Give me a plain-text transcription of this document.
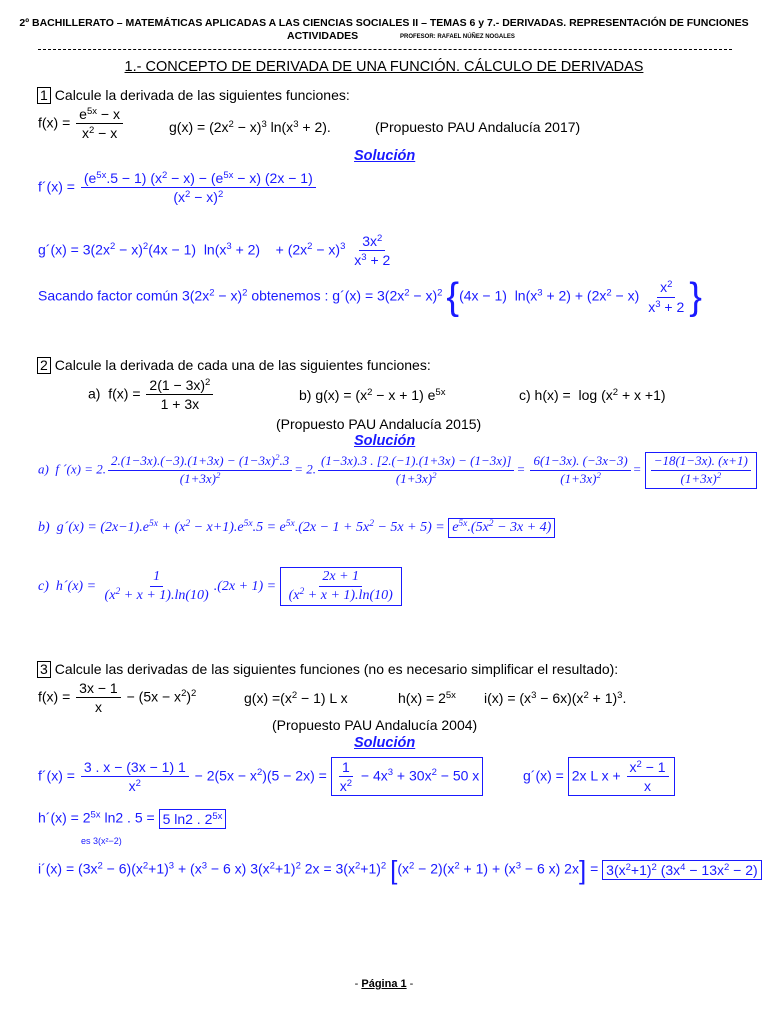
2º BACHILLERATO – MATEMÁTICAS APLICADAS A LAS CIENCIAS SOCIALES II – TEMAS 6 y 7.- DERIVADAS. REPRESENTACIÓN DE FUNCIONES
ACTIVIDADES	PROFESOR: RAFAEL NÚÑEZ NOGALES
1.- CONCEPTO DE DERIVADA DE UNA FUNCIÓN. CÁLCULO DE DERIVADAS
1 Calcule la derivada de las siguientes funciones:
$f(x) = \frac{e^{5x} - x}{x^2 - x}$	$g(x) = (2x^2 - x)^3$ $\ln(x^3 + 2)$.	(Propuesto PAU Andalucía 2017)
Solución
f´(x) = $\frac{(e^{5x}.5 - 1) (x^2 - x) - (e^{5x} - x) (2x - 1)}{(x^2 - x)^2}$
g´(x) = $3(2x^2 - x)^2(4x - 1) \ln(x^3 + 2)$    + $(2x^2 - x)^3 \frac{3x^2}{x^3 + 2}$
Sacando factor común $3(2x^2 - x)^2$ obtenemos : g´(x) = $3(2x^2 - x)^2$ {(4x − 1)  $\ln(x^3 + 2) + (2x^2 - x) \frac{x^2}{x^3 + 2}$ }
2 Calcule la derivada de cada una de las siguientes funciones:
a)  $f(x) = \frac{2(1 - 3x)^2}{1 + 3x}$	b) $g(x) = (x^2 - x + 1)$ $e^{5x}$	c) $h(x) = \log (x^2 + x +1)$
(Propuesto PAU Andalucía 2015)
Solución
a)  f ´(x) = 2. $\frac{2.(1-3x).(-3).(1+3x) - (1-3x)^2.3}{(1+3x)^2} = 2$. $\frac{(1-3x).3 . [2.(-1).(1+3x) - (1-3x)]}{(1+3x)^2} = \frac{6(1-3x). (-3x-3)}{(1+3x)^2} = \frac{-18(1-3x). (x+1)}{(1+3x)^2}$
b)  g´(x) = $(2x-1).e^{5x} + (x^2 - x+1).e^{5x}.5 = e^{5x}.(2x - 1 + 5x^2 - 5x + 5) = e^{5x}.(5x^2 - 3x + 4)$
c)  h´(x) = $\frac{1}{(x^2 + x + 1).\ln(10)} .(2x + 1) = \frac{2x + 1}{(x^2 + x + 1).\ln(10)}$
3 Calcule las derivadas de las siguientes funciones (no es necesario simplificar el resultado):
$f(x) = \frac{3x - 1}{x} - (5x - x^2)^2$	$g(x) =(x^2 - 1)$ L x	$h(x) = 2^{5x}$ $i(x) = (x^3 - 6x)(x^2 + 1)^3$.
(Propuesto PAU Andalucía 2004)
Solución
f´(x) = $\frac{3 . x - (3x - 1) 1}{x^2} - 2(5x - x^2)(5 - 2x) = \frac{1}{x^2} - 4x^3 + 30x^2 - 50$ x	g´(x) = 2x L $x + \frac{x^2 - 1}{x}$
h´(x) = $2^{5x}$ ln2 . 5 = 5 ln2 . $2^{5x}$
es 3(x²−2)
i´(x) = $(3x^2 - 6)(x^2+1)^3 + (x^3 - 6$ x) $3(x^2+1)^2$ $2x = 3(x^2+1)^2$ [$(x^2 - 2)(x^2 + 1) + (x^3 - 6$ x) $2x] = 3(x^2+1)^2$ $(3x^4 - 13x^2 - 2)$
- Página 1 -
